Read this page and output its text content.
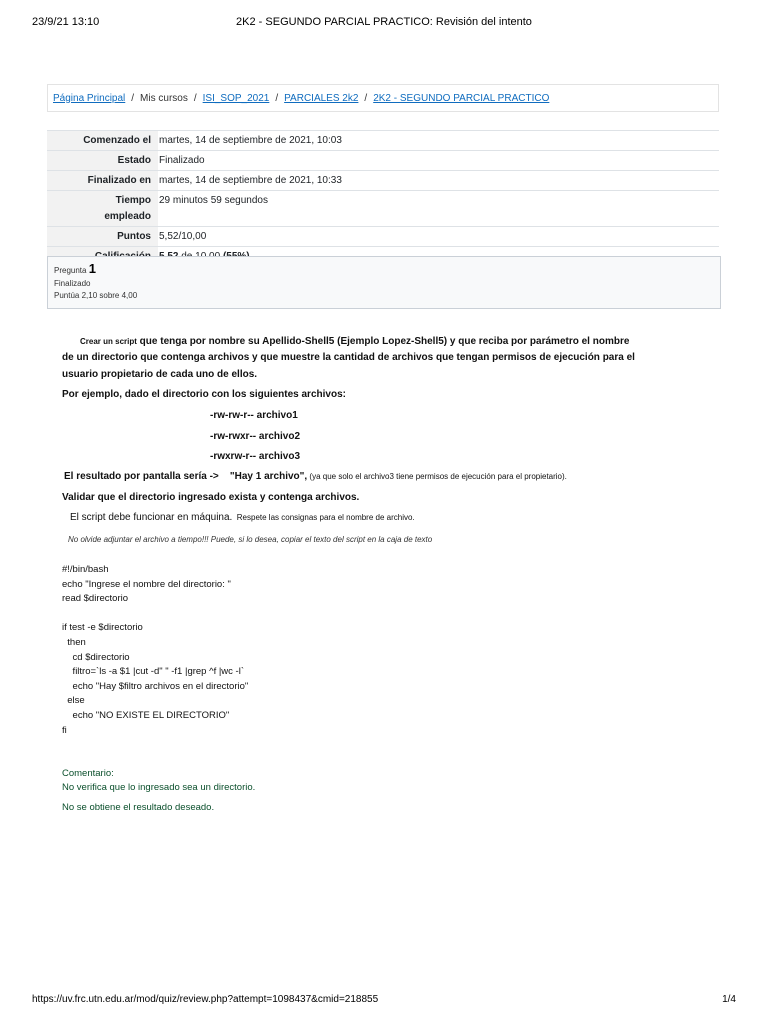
23/9/21 13:10	2K2 - SEGUNDO PARCIAL PRACTICO: Revisión del intento
Página Principal / Mis cursos / ISI_SOP_2021 / PARCIALES 2k2 / 2K2 - SEGUNDO PARCIAL PRACTICO
Comenzado el	martes, 14 de septiembre de 2021, 10:03
Estado	Finalizado
Finalizado en	martes, 14 de septiembre de 2021, 10:33
Tiempo	29 minutos 59 segundos
empleado	
Puntos	5,52/10,00

Pregunta 1
Finalizado
Puntúa 2,10 sobre 4,00
Crear un script que tenga por nombre su Apellido-Shell5 (Ejemplo Lopez-Shell5) y que reciba por parámetro el nombre
de un directorio que contenga archivos y que muestre la cantidad de archivos que tengan permisos de ejecución para el
usuario propietario de cada uno de ellos.
Por ejemplo, dado el directorio con los siguientes archivos:
-rw-rw-r-- archivo1
-rw-rwxr-- archivo2
-rwxrw-r-- archivo3
El resultado por pantalla sería ->    "Hay 1 archivo", (ya que solo el archivo3 tiene permisos de ejecución para el propietario).
Validar que el directorio ingresado exista y contenga archivos.
El script debe funcionar en máquina.  Respete las consignas para el nombre de archivo.
No olvide adjuntar el archivo a tiempo!!! Puede, si lo desea, copiar el texto del script en la caja de texto
#!/bin/bash
echo "Ingrese el nombre del directorio: "
read $directorio
if test -e $directorio
then
cd $directorio
filtro=`ls -a $1 |cut -d" " -f1 |grep ^f |wc -l`
echo "Hay $filtro archivos en el directorio"
else
echo "NO EXISTE EL DIRECTORIO"
fi
Comentario:
No verifica que lo ingresado sea un directorio.
No se obtiene el resultado deseado.
https://uv.frc.utn.edu.ar/mod/quiz/review.php?attempt=1098437&cmid=218855	1/4
